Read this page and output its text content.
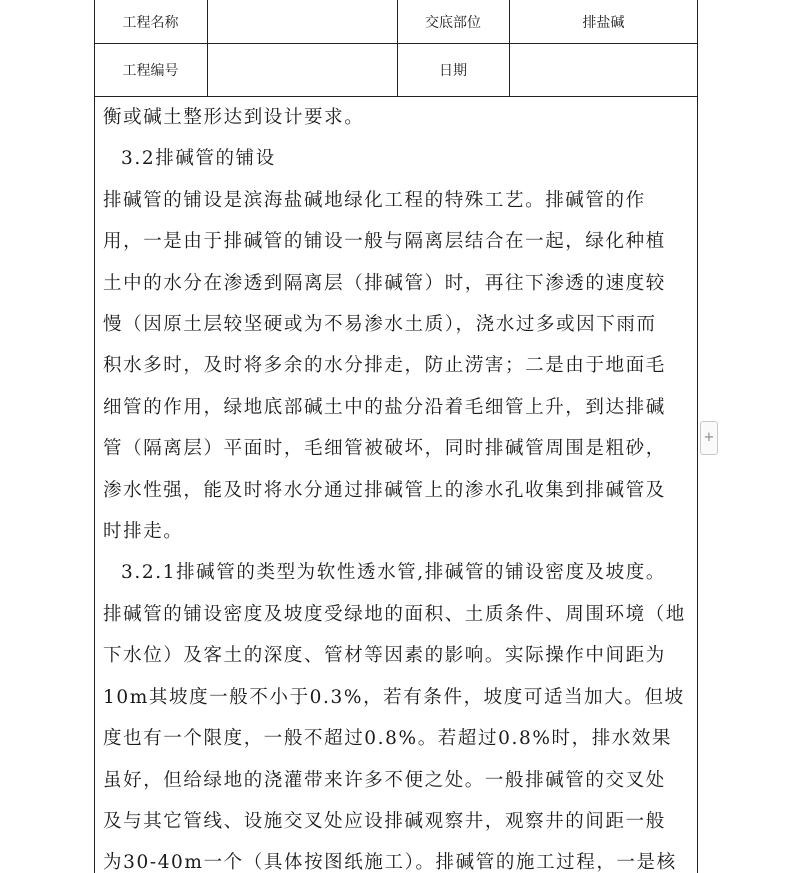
工程名称		交底部位	排盐碱
工程编号		日期	

衡或碱土整形达到设计要求。

3.2排碱管的铺设

排碱管的铺设是滨海盐碱地绿化工程的特殊工艺。排碱管的作

用，一是由于排碱管的铺设一般与隔离层结合在一起，绿化种植

土中的水分在渗透到隔离层（排碱管）时，再往下渗透的速度较

慢（因原土层较坚硬或为不易渗水土质），浇水过多或因下雨而

积水多时，及时将多余的水分排走，防止涝害；二是由于地面毛

细管的作用，绿地底部碱土中的盐分沿着毛细管上升，到达排碱

管（隔离层）平面时，毛细管被破坏，同时排碱管周围是粗砂，

渗水性强，能及时将水分通过排碱管上的渗水孔收集到排碱管及

时排走。

3.2.1排碱管的类型为软性透水管,排碱管的铺设密度及坡度。

排碱管的铺设密度及坡度受绿地的面积、土质条件、周围环境（地

下水位）及客土的深度、管材等因素的影响。实际操作中间距为

10m其坡度一般不小于0.3%，若有条件，坡度可适当加大。但坡

度也有一个限度，一般不超过0.8%。若超过0.8%时，排水效果

虽好，但给绿地的浇灌带来许多不便之处。一般排碱管的交叉处

及与其它管线、设施交叉处应设排碱观察井，观察井的间距一般

为30-40m一个（具体按图纸施工）。排碱管的施工过程，一是核

+
